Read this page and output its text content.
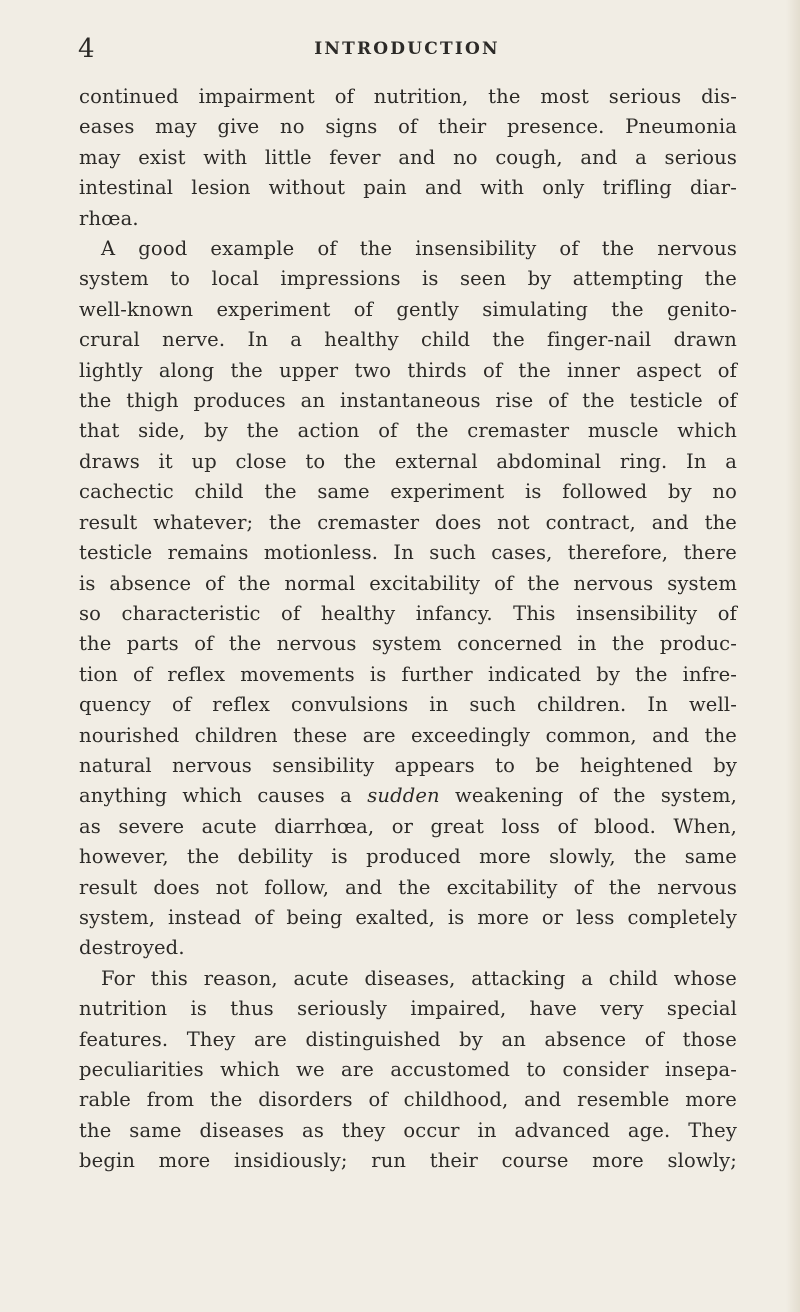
4	INTRODUCTION

continued impairment of nutrition, the most serious dis-
eases may give no signs of their presence. Pneumonia
may exist with little fever and no cough, and a serious
intestinal lesion without pain and with only trifling diar-
rhœa.

A good example of the insensibility of the nervous
system to local impressions is seen by attempting the
well-known experiment of gently simulating the genito-
crural nerve. In a healthy child the finger-nail drawn
lightly along the upper two thirds of the inner aspect of
the thigh produces an instantaneous rise of the testicle of
that side, by the action of the cremaster muscle which
draws it up close to the external abdominal ring. In a
cachectic child the same experiment is followed by no
result whatever; the cremaster does not contract, and the
testicle remains motionless. In such cases, therefore, there
is absence of the normal excitability of the nervous system
so characteristic of healthy infancy. This insensibility of
the parts of the nervous system concerned in the produc-
tion of reflex movements is further indicated by the infre-
quency of reflex convulsions in such children. In well-
nourished children these are exceedingly common, and the
natural nervous sensibility appears to be heightened by
anything which causes a sudden weakening of the system,
as severe acute diarrhœa, or great loss of blood. When,
however, the debility is produced more slowly, the same
result does not follow, and the excitability of the nervous
system, instead of being exalted, is more or less completely
destroyed.

For this reason, acute diseases, attacking a child whose
nutrition is thus seriously impaired, have very special
features. They are distinguished by an absence of those
peculiarities which we are accustomed to consider insepa-
rable from the disorders of childhood, and resemble more
the same diseases as they occur in advanced age. They
begin more insidiously; run their course more slowly;
